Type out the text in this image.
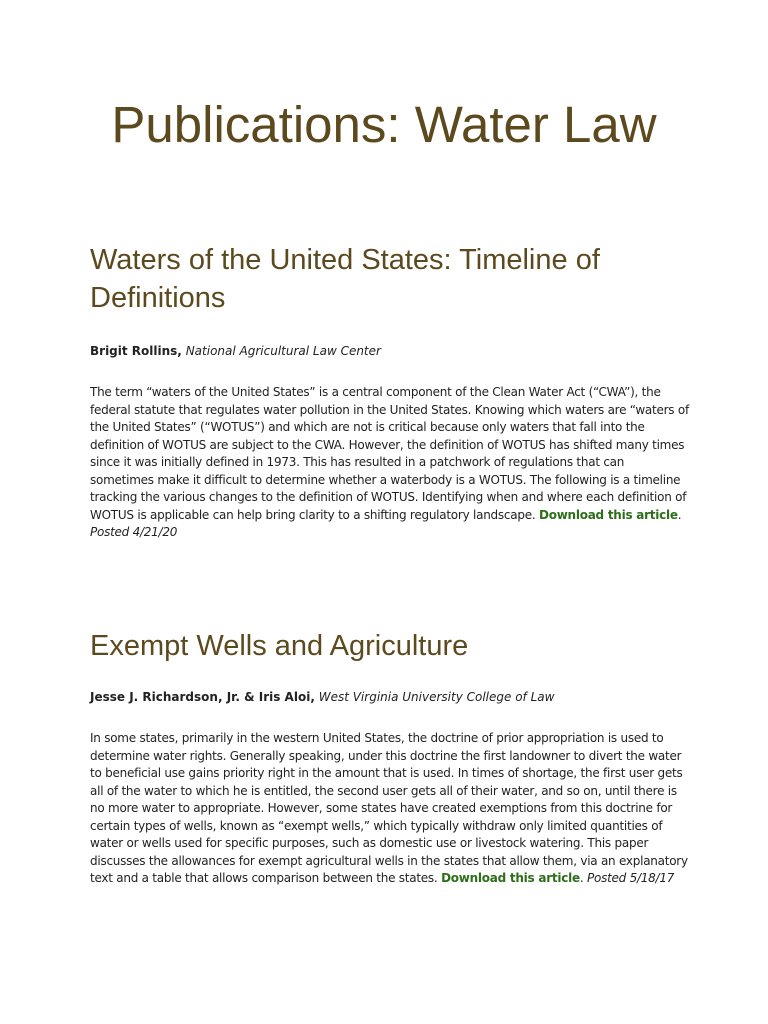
Publications: Water Law
Waters of the United States: Timeline of Definitions

Brigit Rollins, National Agricultural Law Center

The term “waters of the United States” is a central component of the Clean Water Act (“CWA”), the federal statute that regulates water pollution in the United States. Knowing which waters are “waters of the United States” (“WOTUS”) and which are not is critical because only waters that fall into the definition of WOTUS are subject to the CWA. However, the definition of WOTUS has shifted many times since it was initially defined in 1973. This has resulted in a patchwork of regulations that can sometimes make it difficult to determine whether a waterbody is a WOTUS. The following is a timeline tracking the various changes to the definition of WOTUS. Identifying when and where each definition of WOTUS is applicable can help bring clarity to a shifting regulatory landscape. Download this article. Posted 4/21/20

Exempt Wells and Agriculture

Jesse J. Richardson, Jr. & Iris Aloi, West Virginia University College of Law

In some states, primarily in the western United States, the doctrine of prior appropriation is used to determine water rights. Generally speaking, under this doctrine the first landowner to divert the water to beneficial use gains priority right in the amount that is used. In times of shortage, the first user gets all of the water to which he is entitled, the second user gets all of their water, and so on, until there is no more water to appropriate. However, some states have created exemptions from this doctrine for certain types of wells, known as “exempt wells,” which typically withdraw only limited quantities of water or wells used for specific purposes, such as domestic use or livestock watering. This paper discusses the allowances for exempt agricultural wells in the states that allow them, via an explanatory text and a table that allows comparison between the states. Download this article. Posted 5/18/17
